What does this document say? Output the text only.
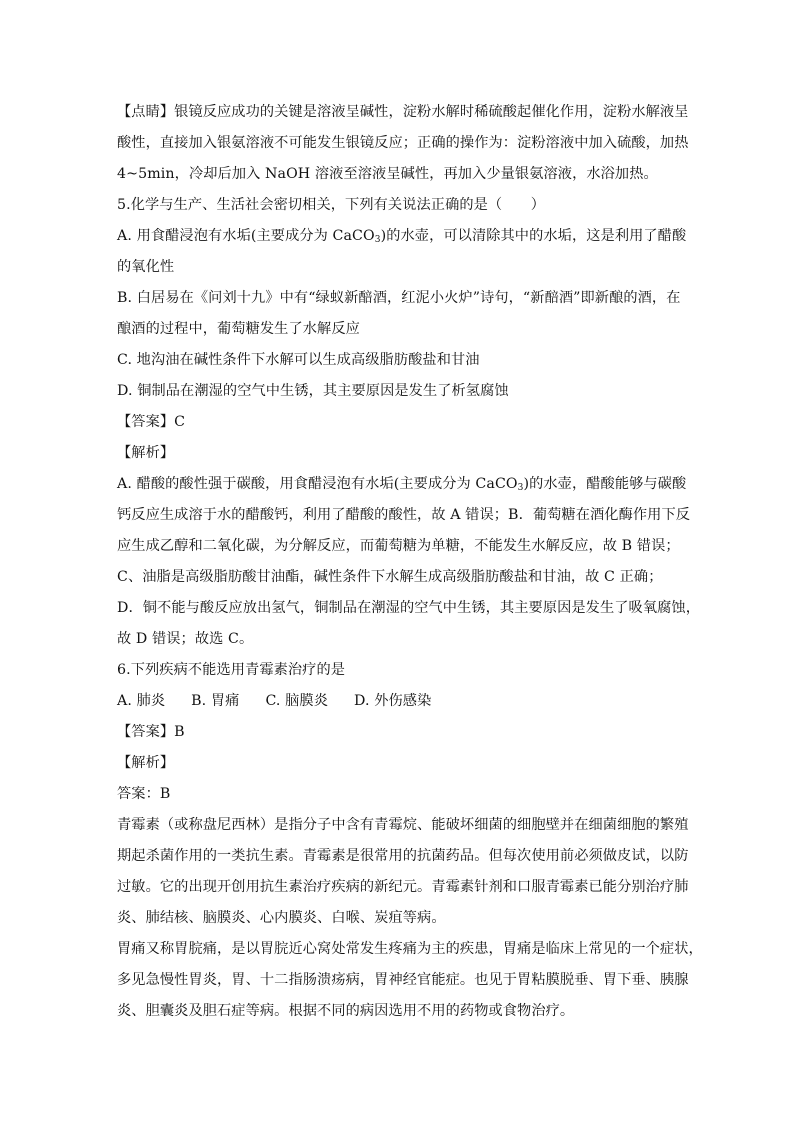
【点睛】银镜反应成功的关键是溶液呈碱性，淀粉水解时稀硫酸起催化作用，淀粉水解液呈
酸性，直接加入银氨溶液不可能发生银镜反应；正确的操作为：淀粉溶液中加入硫酸，加热
4~5min，冷却后加入 NaOH 溶液至溶液呈碱性，再加入少量银氨溶液，水浴加热。
5.化学与生产、生活社会密切相关，下列有关说法正确的是（　　）
A. 用食醋浸泡有水垢(主要成分为 CaCO$_3$)的水壶，可以清除其中的水垢，这是利用了醋酸
的氧化性
B. 白居易在《问刘十九》中有“绿蚁新醅酒，红泥小火炉”诗句，“新醅酒”即新酿的酒，在
酿酒的过程中，葡萄糖发生了水解反应
C. 地沟油在碱性条件下水解可以生成高级脂肪酸盐和甘油
D. 铜制品在潮湿的空气中生锈，其主要原因是发生了析氢腐蚀
【答案】C
【解析】
A. 醋酸的酸性强于碳酸，用食醋浸泡有水垢(主要成分为 CaCO$_3$)的水壶，醋酸能够与碳酸
钙反应生成溶于水的醋酸钙，利用了醋酸的酸性，故 A 错误；B．葡萄糖在酒化酶作用下反
应生成乙醇和二氧化碳，为分解反应，而葡萄糖为单糖，不能发生水解反应，故 B 错误；
C、油脂是高级脂肪酸甘油酯，碱性条件下水解生成高级脂肪酸盐和甘油，故 C 正确；
D．铜不能与酸反应放出氢气，铜制品在潮湿的空气中生锈，其主要原因是发生了吸氧腐蚀，
故 D 错误；故选 C。
6.下列疾病不能选用青霉素治疗的是
A. 肺炎 B. 胃痛 C. 脑膜炎 D. 外伤感染
【答案】B
【解析】
答案：B
青霉素（或称盘尼西林）是指分子中含有青霉烷、能破坏细菌的细胞壁并在细菌细胞的繁殖
期起杀菌作用的一类抗生素。青霉素是很常用的抗菌药品。但每次使用前必须做皮试，以防
过敏。它的出现开创用抗生素治疗疾病的新纪元。青霉素针剂和口服青霉素已能分别治疗肺
炎、肺结核、脑膜炎、心内膜炎、白喉、炭疽等病。
胃痛又称胃脘痛，是以胃脘近心窝处常发生疼痛为主的疾患，胃痛是临床上常见的一个症状，
多见急慢性胃炎，胃、十二指肠溃疡病，胃神经官能症。也见于胃粘膜脱垂、胃下垂、胰腺
炎、胆囊炎及胆石症等病。根据不同的病因选用不用的药物或食物治疗。
